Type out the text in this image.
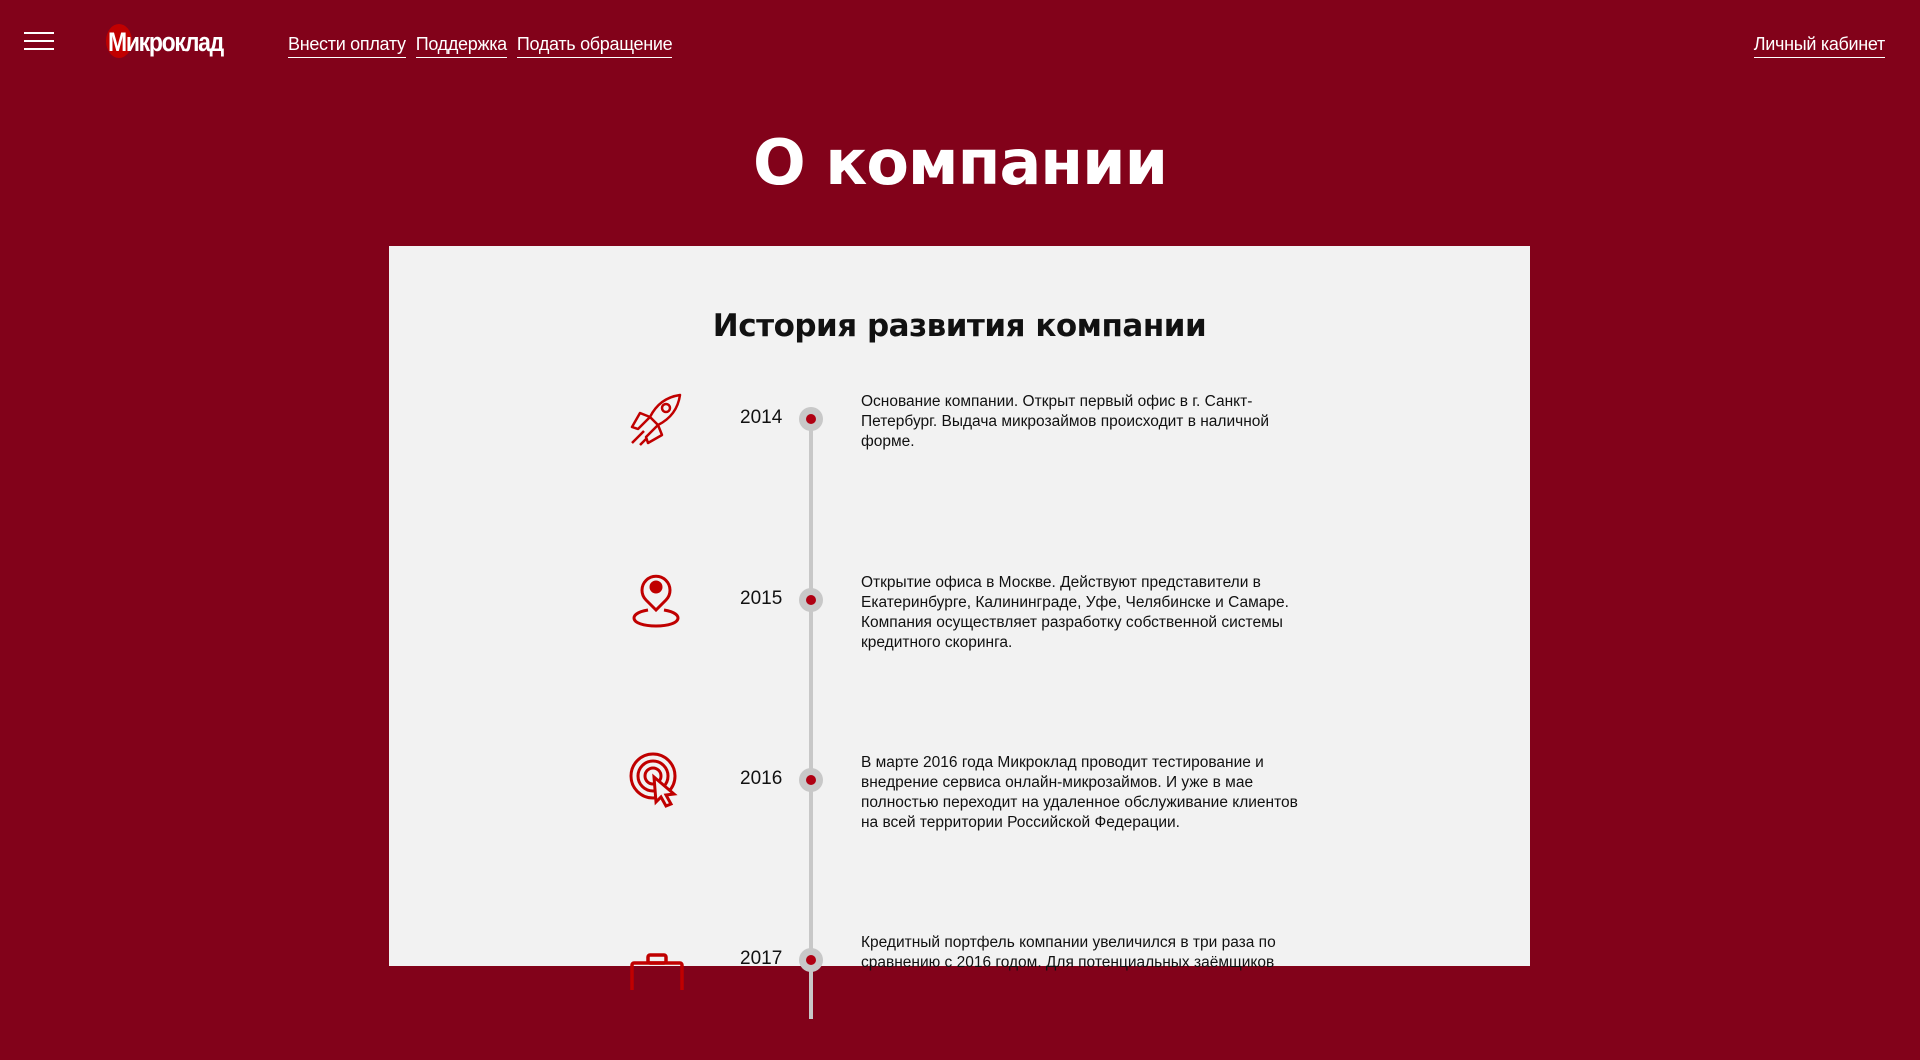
Микроклад	Внести оплату Поддержка Подать обращение	Личный кабинет
О компании
История развития компании
2014
Основание компании. Открыт первый офис в г. Санкт-Петербург. Выдача микрозаймов происходит в наличной форме.
2015
Открытие офиса в Москве. Действуют представители в Екатеринбурге, Калининграде, Уфе, Челябинске и Самаре. Компания осуществляет разработку собственной системы кредитного скоринга.
2016
В марте 2016 года Микроклад проводит тестирование и внедрение сервиса онлайн-микрозаймов. И уже в мае полностью переходит на удаленное обслуживание клиентов на всей территории Российской Федерации.
2017
Кредитный портфель компании увеличился в три раза по сравнению с 2016 годом. Для потенциальных заёмщиков
